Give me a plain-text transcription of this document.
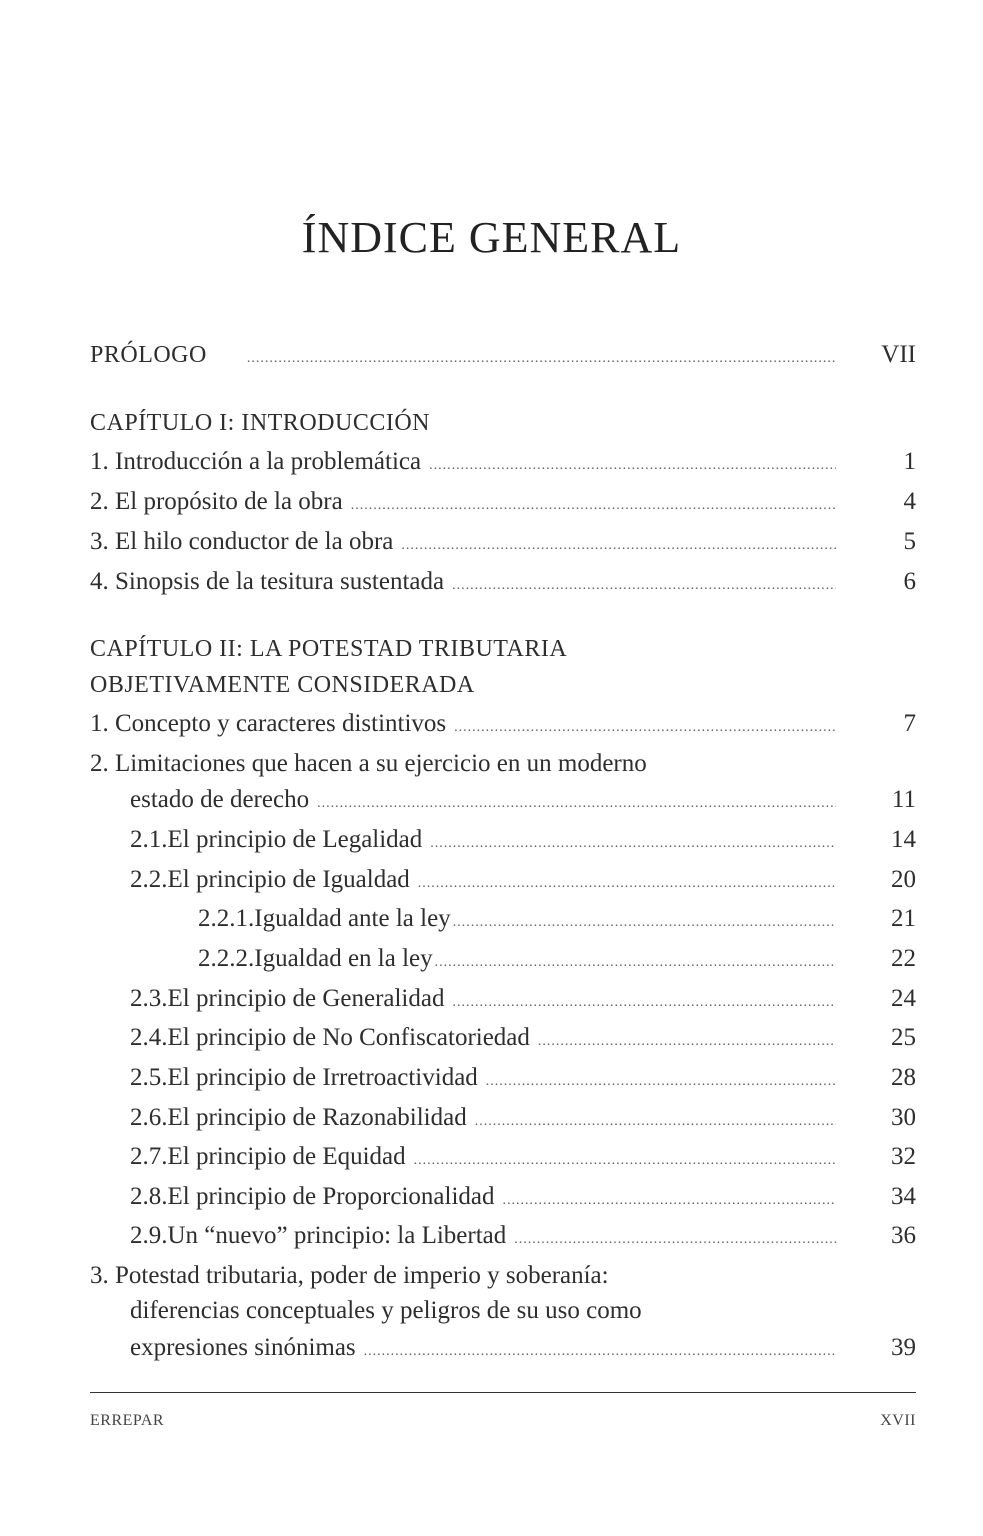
ÍNDICE GENERAL
PRÓLOGO .....	VII
CAPÍTULO I: INTRODUCCIÓN
1. Introducción a la problemática .....	1
2. El propósito de la obra .....	4
3. El hilo conductor de la obra .....	5
4. Sinopsis de la tesitura sustentada .....	6
CAPÍTULO II: LA POTESTAD TRIBUTARIA
OBJETIVAMENTE CONSIDERADA
1. Concepto y caracteres distintivos .....	7
2. Limitaciones que hacen a su ejercicio en un moderno
estado de derecho .....	11
2.1. El principio de Legalidad .....	14
2.2. El principio de Igualdad .....	20
2.2.1. Igualdad ante la ley .....	21
2.2.2. Igualdad en la ley .....	22
2.3. El principio de Generalidad .....	24
2.4. El principio de No Confiscatoriedad .....	25
2.5. El principio de Irretroactividad .....	28
2.6. El principio de Razonabilidad .....	30
2.7. El principio de Equidad .....	32
2.8. El principio de Proporcionalidad .....	34
2.9. Un “nuevo” principio: la Libertad .....	36
3. Potestad tributaria, poder de imperio y soberanía:
diferencias conceptuales y peligros de su uso como
expresiones sinónimas .....	39
ERREPAR	XVII
